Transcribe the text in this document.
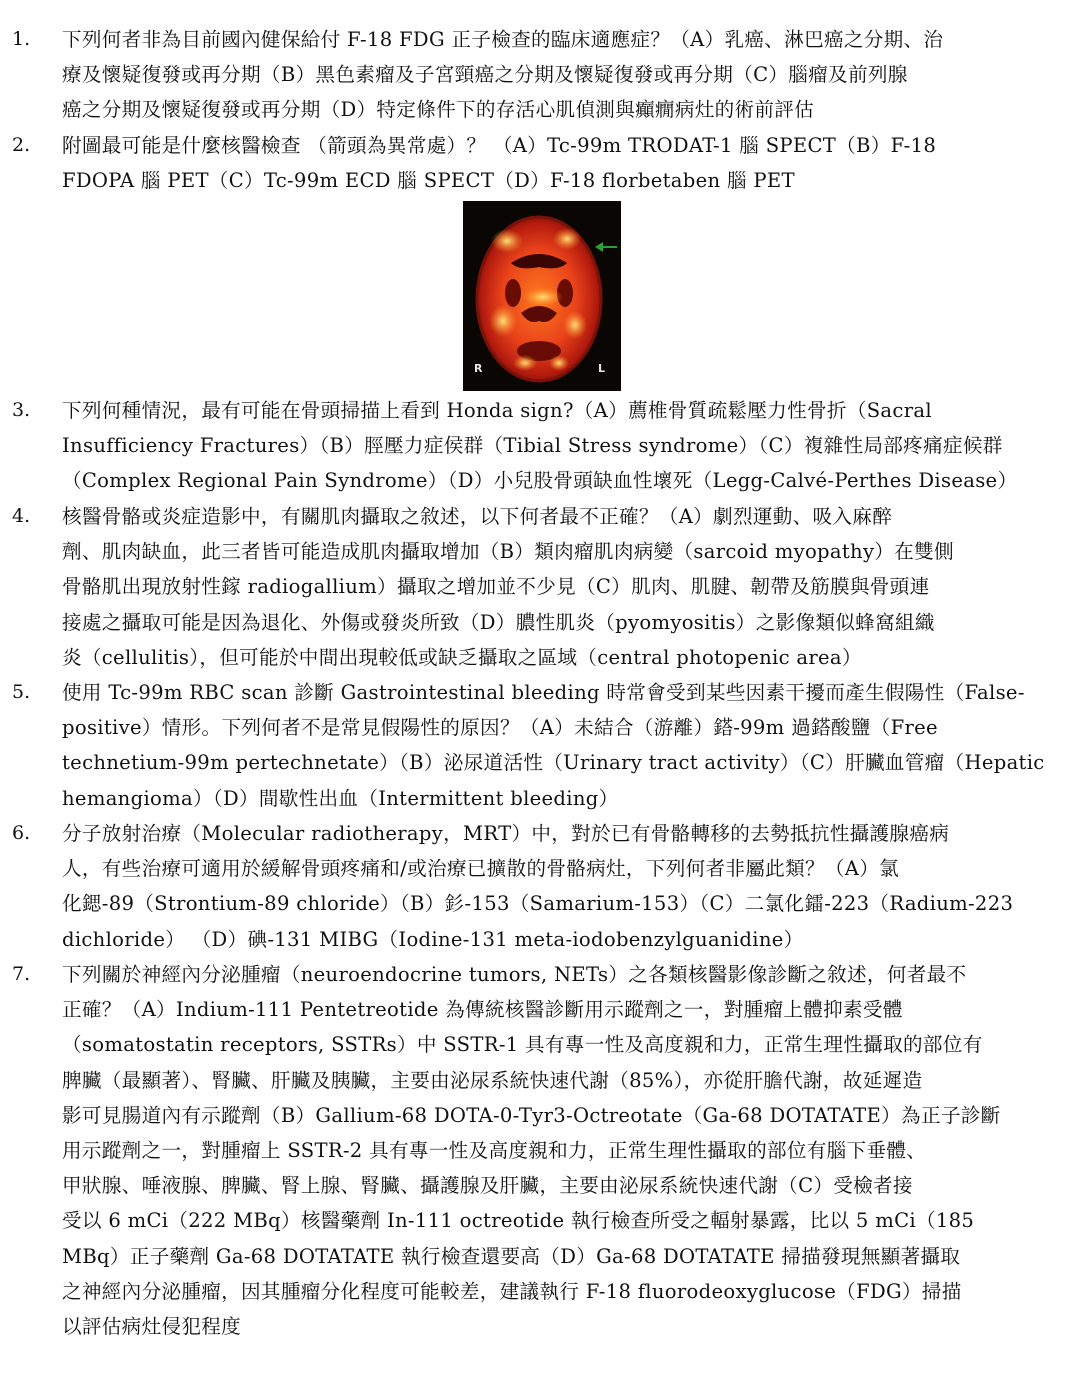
1. 下列何者非為目前國內健保給付 F-18 FDG 正子檢查的臨床適應症？（A）乳癌、淋巴癌之分期、治
療及懷疑復發或再分期（B）黑色素瘤及子宮頸癌之分期及懷疑復發或再分期（C）腦瘤及前列腺
癌之分期及懷疑復發或再分期（D）特定條件下的存活心肌偵測與癲癇病灶的術前評估
2. 附圖最可能是什麼核醫檢查 （箭頭為異常處）？ （A）Tc-99m TRODAT-1 腦 SPECT（B）F-18
FDOPA 腦 PET（C）Tc-99m ECD 腦 SPECT（D）F-18 florbetaben 腦 PET
R	L
3. 下列何種情況，最有可能在骨頭掃描上看到 Honda sign?（A）薦椎骨質疏鬆壓力性骨折（Sacral
Insufficiency Fractures）（B）脛壓力症侯群（Tibial Stress syndrome）（C）複雜性局部疼痛症候群
（Complex Regional Pain Syndrome）（D）小兒股骨頭缺血性壞死（Legg-Calvé-Perthes Disease）
4. 核醫骨骼或炎症造影中，有關肌肉攝取之敘述，以下何者最不正確？（A）劇烈運動、吸入麻醉
劑、肌肉缺血，此三者皆可能造成肌肉攝取增加（B）類肉瘤肌肉病變（sarcoid myopathy）在雙側
骨骼肌出現放射性鎵 radiogallium）攝取之增加並不少見（C）肌肉、肌腱、韌帶及筋膜與骨頭連
接處之攝取可能是因為退化、外傷或發炎所致（D）膿性肌炎（pyomyositis）之影像類似蜂窩組織
炎（cellulitis），但可能於中間出現較低或缺乏攝取之區域（central photopenic area）
5. 使用 Tc-99m RBC scan 診斷 Gastrointestinal bleeding 時常會受到某些因素干擾而產生假陽性（False-
positive）情形。下列何者不是常見假陽性的原因？（A）未結合（游離）鎝-99m 過鎝酸鹽（Free
technetium-99m pertechnetate）（B）泌尿道活性（Urinary tract activity）（C）肝臟血管瘤（Hepatic
hemangioma）（D）間歇性出血（Intermittent bleeding）
6. 分子放射治療（Molecular radiotherapy，MRT）中，對於已有骨骼轉移的去勢抵抗性攝護腺癌病
人，有些治療可適用於緩解骨頭疼痛和/或治療已擴散的骨骼病灶，下列何者非屬此類？（A）氯
化鍶-89（Strontium-89 chloride）（B）釤-153（Samarium-153）（C）二氯化鐳-223（Radium-223
dichloride） （D）碘-131 MIBG（Iodine-131 meta-iodobenzylguanidine）
7. 下列關於神經內分泌腫瘤（neuroendocrine tumors, NETs）之各類核醫影像診斷之敘述，何者最不
正確？（A）Indium-111 Pentetreotide 為傳統核醫診斷用示蹤劑之一，對腫瘤上體抑素受體
（somatostatin receptors, SSTRs）中 SSTR-1 具有專一性及高度親和力，正常生理性攝取的部位有
脾臟（最顯著）、腎臟、肝臟及胰臟，主要由泌尿系統快速代謝（85%），亦從肝膽代謝，故延遲造
影可見腸道內有示蹤劑（B）Gallium-68 DOTA-0-Tyr3-Octreotate（Ga-68 DOTATATE）為正子診斷
用示蹤劑之一，對腫瘤上 SSTR-2 具有專一性及高度親和力，正常生理性攝取的部位有腦下垂體、
甲狀腺、唾液腺、脾臟、腎上腺、腎臟、攝護腺及肝臟，主要由泌尿系統快速代謝（C）受檢者接
受以 6 mCi（222 MBq）核醫藥劑 In-111 octreotide 執行檢查所受之輻射暴露，比以 5 mCi（185
MBq）正子藥劑 Ga-68 DOTATATE 執行檢查還要高（D）Ga-68 DOTATATE 掃描發現無顯著攝取
之神經內分泌腫瘤，因其腫瘤分化程度可能較差，建議執行 F-18 fluorodeoxyglucose（FDG）掃描
以評估病灶侵犯程度
